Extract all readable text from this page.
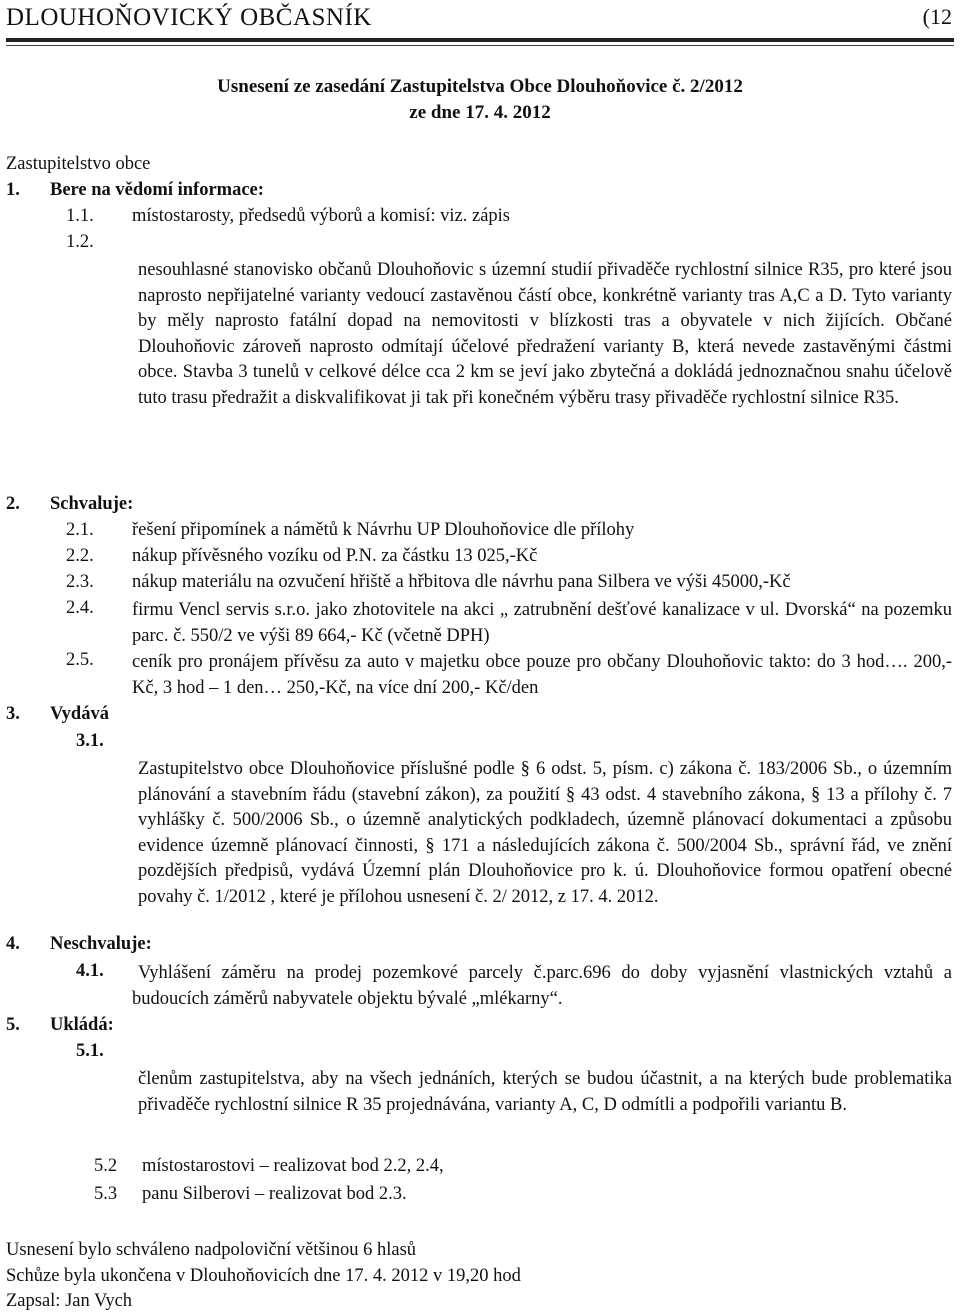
DLOUHOŇOVICKÝ OBČASNÍK	(12
Usnesení ze zasedání Zastupitelstva Obce Dlouhoňovice č. 2/2012
ze dne 17. 4. 2012
Zastupitelstvo obce
1. Bere na vědomí informace:
1.1. místostarosty, předsedů výborů a komisí: viz. zápis
1.2.
nesouhlasné stanovisko občanů Dlouhoňovic s územní studií přivaděče rychlostní silnice R35, pro které jsou naprosto nepřijatelné varianty vedoucí zastavěnou částí obce, konkrétně varianty tras A,C a D. Tyto varianty by měly naprosto fatální dopad na nemovitosti v blízkosti tras a obyvatele v nich žijících. Občané Dlouhoňovic zároveň naprosto odmítají účelové předražení varianty B, která nevede zastavěnými částmi obce. Stavba 3 tunelů v celkové délce cca 2 km se jeví jako zbytečná a dokládá jednoznačnou snahu účelově tuto trasu předražit a diskvalifikovat ji tak při konečném výběru trasy přivaděče rychlostní silnice R35.
2. Schvaluje:
2.1. řešení připomínek a námětů k Návrhu UP Dlouhoňovice dle přílohy
2.2. nákup přívěsného vozíku od P.N. za částku 13 025,-Kč
2.3. nákup materiálu na ozvučení hřiště a hřbitova dle návrhu pana Silbera ve výši 45000,-Kč
2.4. firmu Vencl servis s.r.o. jako zhotovitele na akci „ zatrubnění dešťové kanalizace v ul. Dvorská“ na pozemku parc. č. 550/2 ve výši 89 664,- Kč (včetně DPH)
2.5. ceník pro pronájem přívěsu za auto v majetku obce pouze pro občany Dlouhoňovic takto: do 3 hod…. 200,-Kč, 3 hod – 1 den… 250,-Kč, na více dní 200,- Kč/den
3. Vydává
3.1.
Zastupitelstvo obce Dlouhoňovice příslušné podle § 6 odst. 5, písm. c) zákona č. 183/2006 Sb., o územním plánování a stavebním řádu (stavební zákon), za použití § 43 odst. 4 stavebního zákona, § 13 a přílohy č. 7 vyhlášky č. 500/2006 Sb., o územně analytických podkladech, územně plánovací dokumentaci a způsobu evidence územně plánovací činnosti, § 171 a následujících zákona č. 500/2004 Sb., správní řád, ve znění pozdějších předpisů, vydává Územní plán Dlouhoňovice pro k. ú. Dlouhoňovice formou opatření obecné povahy č. 1/2012 , které je přílohou usnesení č. 2/ 2012, z 17. 4. 2012.
4. Neschvaluje:
4.1.	Vyhlášení záměru na prodej pozemkové parcely č.parc.696 do doby vyjasnění vlastnických vztahů a budoucích záměrů nabyvatele objektu bývalé „mlékarny“.
5. Ukládá:
5.1.
členům zastupitelstva, aby na všech jednáních, kterých se budou účastnit, a na kterých bude problematika přivaděče rychlostní silnice R 35 projednávána, varianty A, C, D odmítli a podpořili variantu B.
5.2 místostarostovi – realizovat bod 2.2, 2.4,
5.3 panu Silberovi – realizovat bod 2.3.
Usnesení bylo schváleno nadpoloviční většinou 6 hlasů
Schůze byla ukončena v Dlouhoňovicích dne 17. 4. 2012 v 19,20 hod
Zapsal: Jan Vych
